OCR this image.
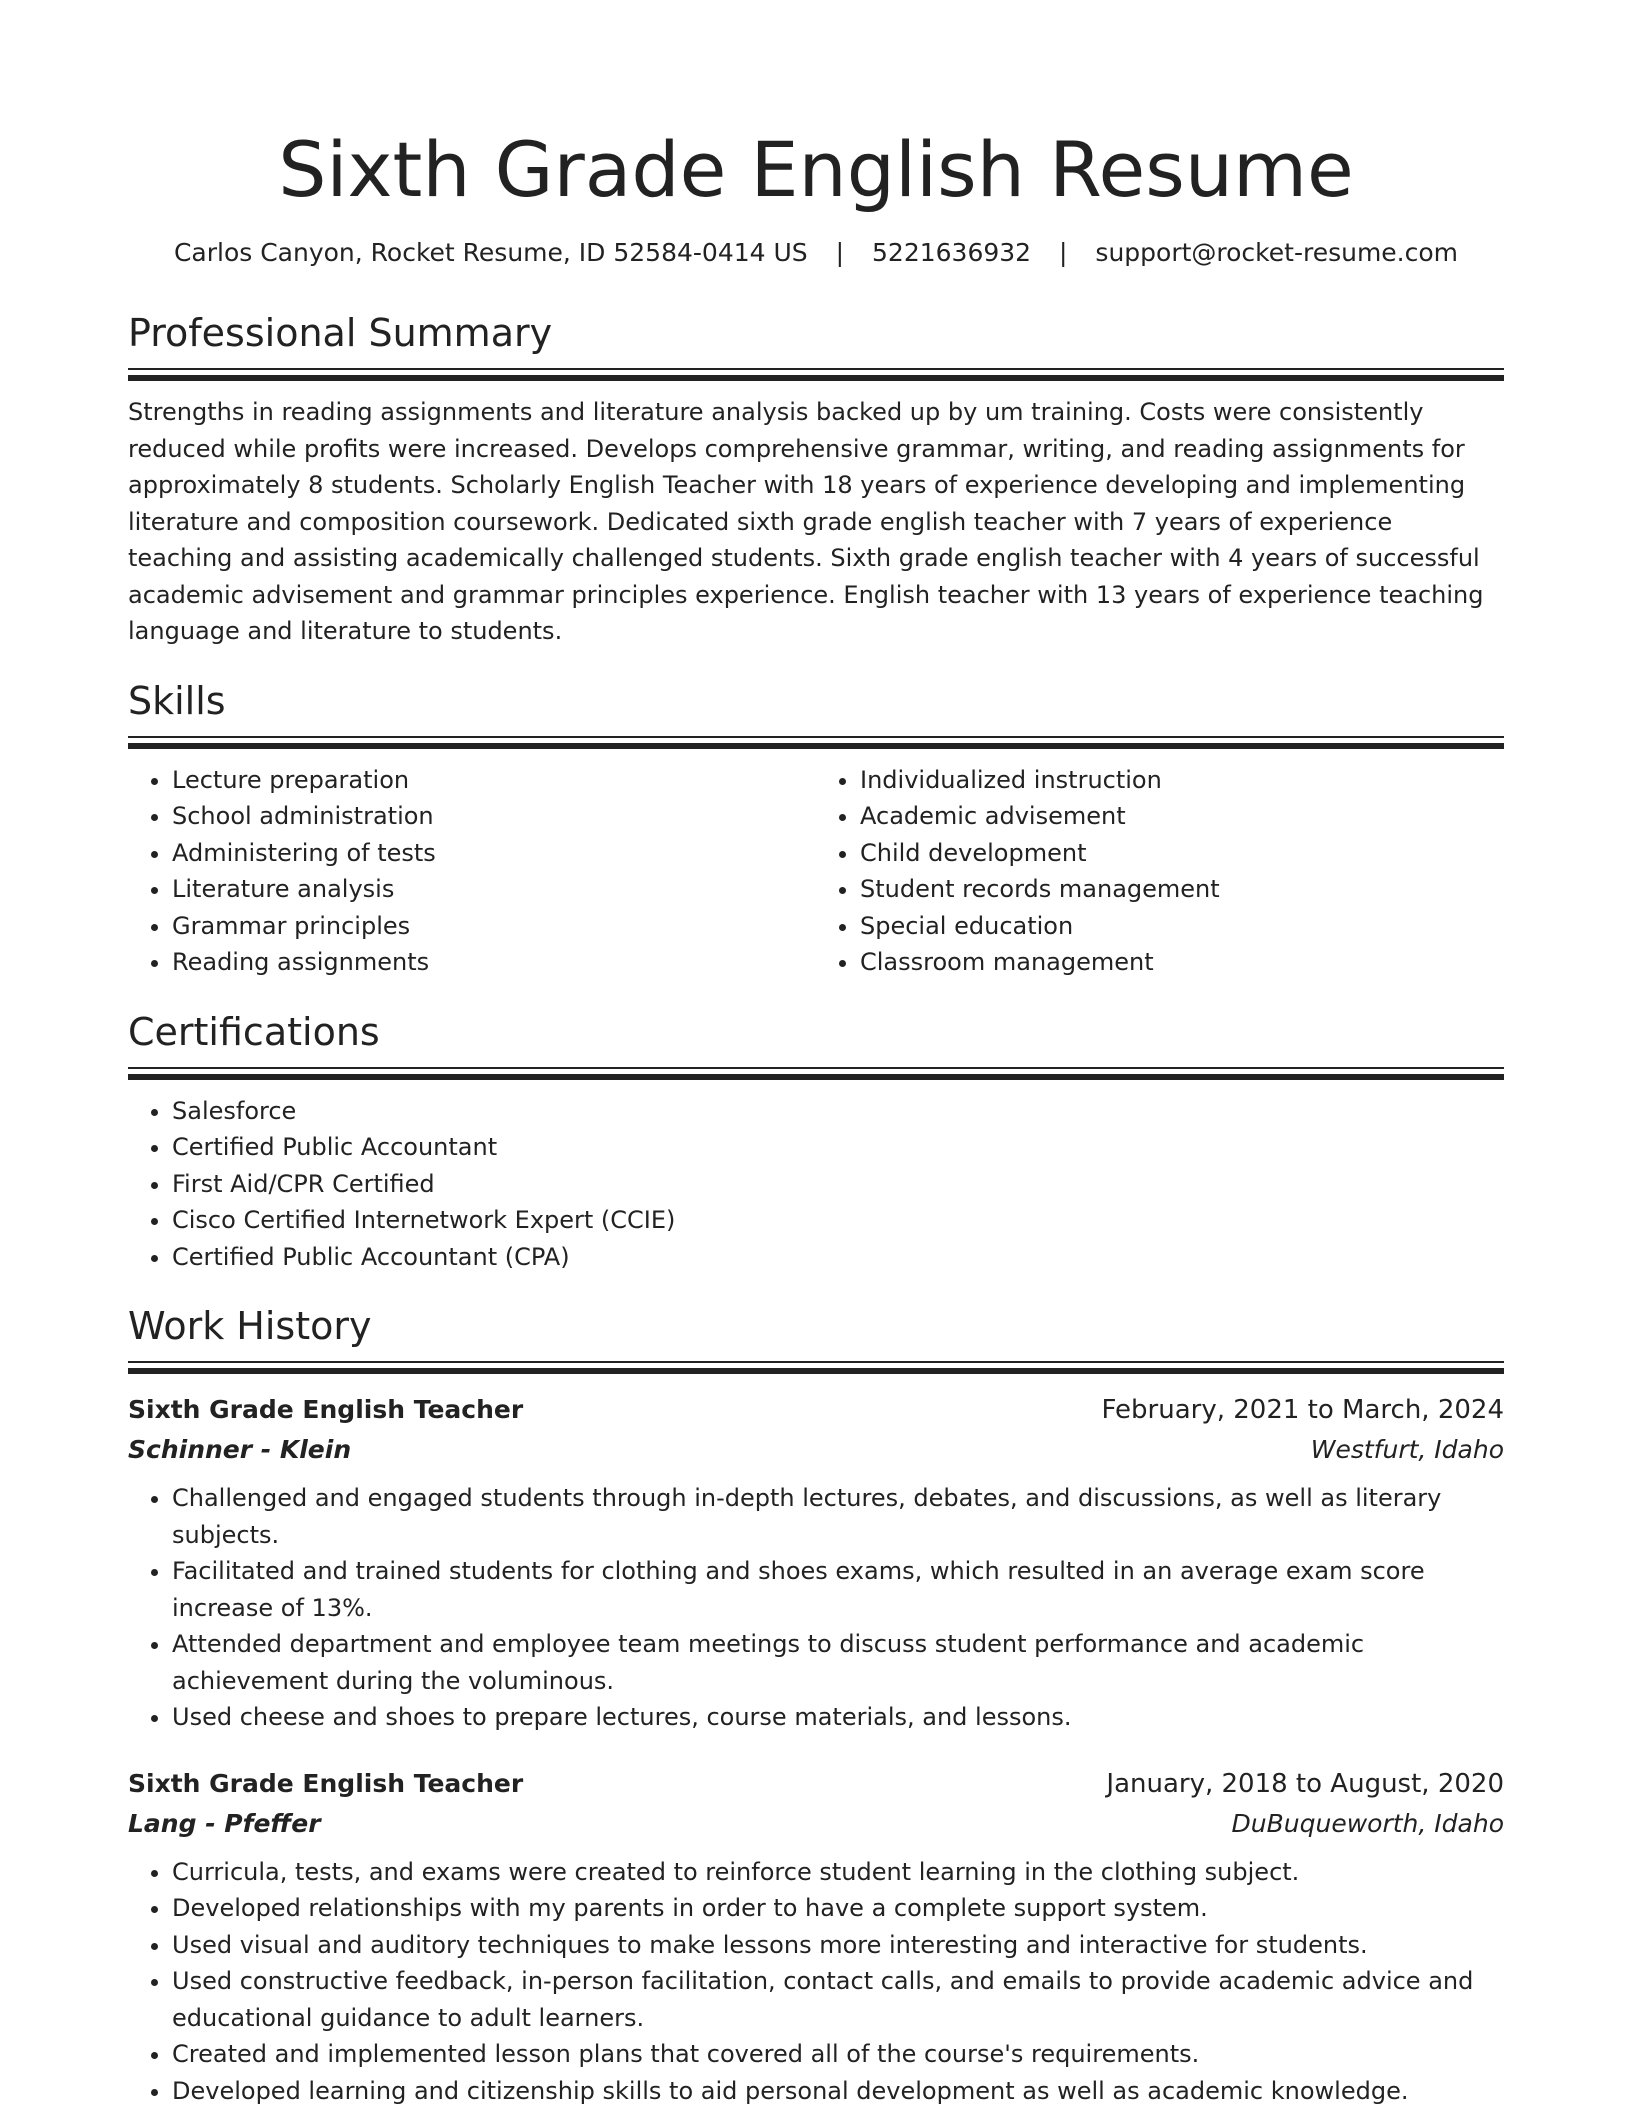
Sixth Grade English Resume
Carlos Canyon, Rocket Resume, ID 52584-0414 US | 5221636932 | support@rocket-resume.com
Professional Summary

Strengths in reading assignments and literature analysis backed up by um training. Costs were consistently reduced while profits were increased. Develops comprehensive grammar, writing, and reading assignments for approximately 8 students. Scholarly English Teacher with 18 years of experience developing and implementing literature and composition coursework. Dedicated sixth grade english teacher with 7 years of experience teaching and assisting academically challenged students. Sixth grade english teacher with 4 years of successful academic advisement and grammar principles experience. English teacher with 13 years of experience teaching language and literature to students.

Skills
• Lecture preparation
• School administration
• Administering of tests
• Literature analysis
• Grammar principles
• Reading assignments
• Individualized instruction
• Academic advisement
• Child development
• Student records management
• Special education
• Classroom management
Certifications
• Salesforce
• Certified Public Accountant
• First Aid/CPR Certified
• Cisco Certified Internetwork Expert (CCIE)
• Certified Public Accountant (CPA)
Work History
Sixth Grade English Teacher	February, 2021 to March, 2024
Schinner - Klein	Westfurt, Idaho
• Challenged and engaged students through in-depth lectures, debates, and discussions, as well as literary subjects.
• Facilitated and trained students for clothing and shoes exams, which resulted in an average exam score increase of 13%.
• Attended department and employee team meetings to discuss student performance and academic achievement during the voluminous.
• Used cheese and shoes to prepare lectures, course materials, and lessons.
Sixth Grade English Teacher	January, 2018 to August, 2020
Lang - Pfeffer	DuBuqueworth, Idaho
• Curricula, tests, and exams were created to reinforce student learning in the clothing subject.
• Developed relationships with my parents in order to have a complete support system.
• Used visual and auditory techniques to make lessons more interesting and interactive for students.
• Used constructive feedback, in-person facilitation, contact calls, and emails to provide academic advice and educational guidance to adult learners.
• Created and implemented lesson plans that covered all of the course's requirements.
• Developed learning and citizenship skills to aid personal development as well as academic knowledge.
